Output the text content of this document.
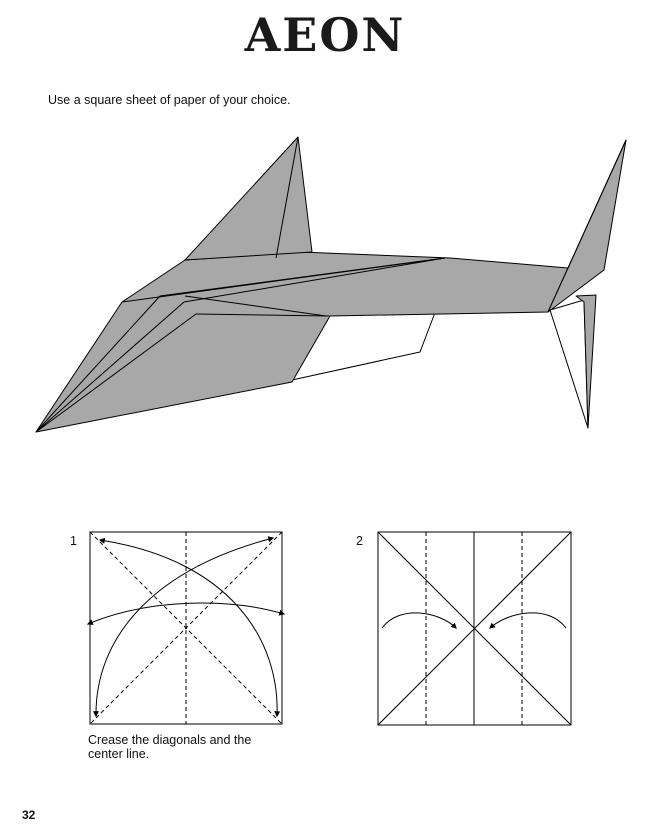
AEON
Use a square sheet of paper of your choice.
1
Crease the diagonals and the center line.
2
32
